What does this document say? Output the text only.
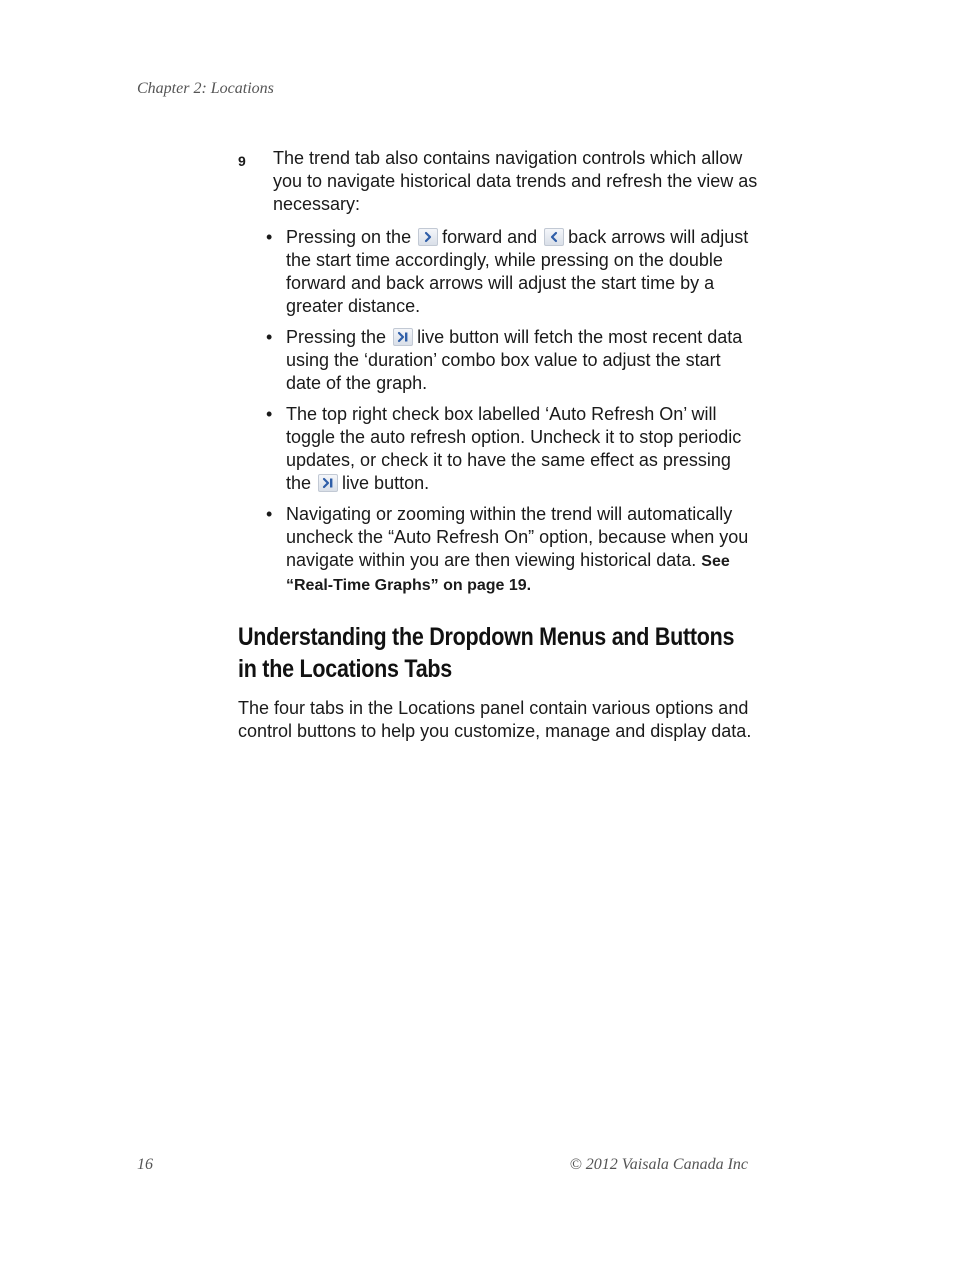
Chapter 2: Locations
9 The trend tab also contains navigation controls which allow you to navigate historical data trends and refresh the view as necessary:
• Pressing on the forward and back arrows will adjust the start time accordingly, while pressing on the double forward and back arrows will adjust the start time by a greater distance.
• Pressing the live button will fetch the most recent data using the ‘duration’ combo box value to adjust the start date of the graph.
• The top right check box labelled ‘Auto Refresh On’ will toggle the auto refresh option. Uncheck it to stop periodic updates, or check it to have the same effect as pressing the live button.
• Navigating or zooming within the trend will automatically uncheck the “Auto Refresh On” option, because when you navigate within you are then viewing historical data. See “Real-Time Graphs” on page 19.
Understanding the Dropdown Menus and Buttons in the Locations Tabs

The four tabs in the Locations panel contain various options and control buttons to help you customize, manage and display data.

16	© 2012 Vaisala Canada Inc
